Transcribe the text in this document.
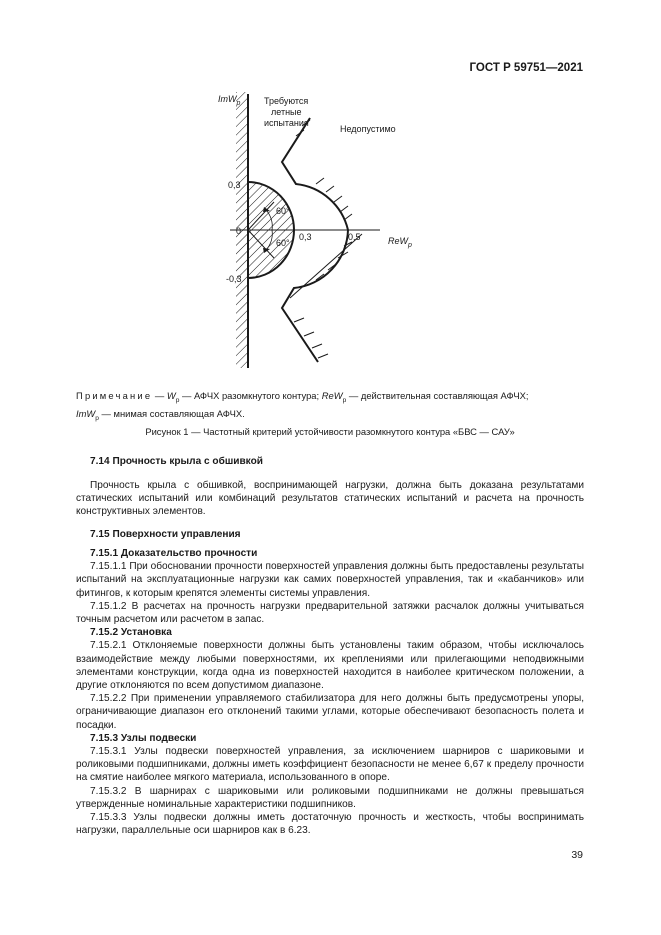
ГОСТ Р 59751—2021
ImW$_р$	Требуются
летные
испытания
Недопустимо
0,3
0
-0,3
0,3	0,5	ReW$_р$
60°
60°
Примечание — $W_р$ — АФЧХ разомкнутого контура; ReW$_р$ — действительная составляющая АФЧХ;
ImW$_р$ — мнимая составляющая АФЧХ.
Рисунок 1 — Частотный критерий устойчивости разомкнутого контура «БВС — САУ»

7.14 Прочность крыла с обшивкой

Прочность крыла с обшивкой, воспринимающей нагрузки, должна быть доказана результатами статических испытаний или комбинаций результатов статических испытаний и расчета на прочность конструктивных элементов.

7.15 Поверхности управления

7.15.1 Доказательство прочности

7.15.1.1 При обосновании прочности поверхностей управления должны быть предоставлены результаты испытаний на эксплуатационные нагрузки как самих поверхностей управления, так и «кабанчиков» или фитингов, к которым крепятся элементы системы управления.

7.15.1.2 В расчетах на прочность нагрузки предварительной затяжки расчалок должны учитываться точным расчетом или расчетом в запас.

7.15.2 Установка

7.15.2.1 Отклоняемые поверхности должны быть установлены таким образом, чтобы исключалось взаимодействие между любыми поверхностями, их креплениями или прилегающими неподвижными элементами конструкции, когда одна из поверхностей находится в наиболее критическом положении, а другие отклоняются по всем допустимом диапазоне.

7.15.2.2 При применении управляемого стабилизатора для него должны быть предусмотрены упоры, ограничивающие диапазон его отклонений такими углами, которые обеспечивают безопасность полета и посадки.

7.15.3 Узлы подвески

7.15.3.1 Узлы подвески поверхностей управления, за исключением шарниров с шариковыми и роликовыми подшипниками, должны иметь коэффициент безопасности не менее 6,67 к пределу прочности на смятие наиболее мягкого материала, использованного в опоре.

7.15.3.2 В шарнирах с шариковыми или роликовыми подшипниками не должны превышаться утвержденные номинальные характеристики подшипников.

7.15.3.3 Узлы подвески должны иметь достаточную прочность и жесткость, чтобы воспринимать нагрузки, параллельные оси шарниров как в 6.23.

39
